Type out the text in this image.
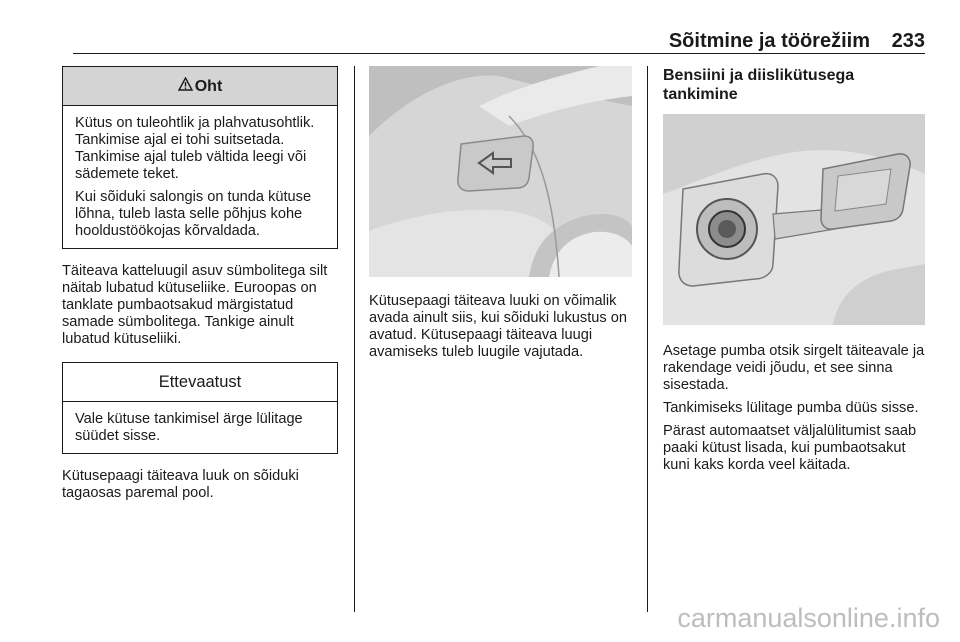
Sõitmine ja töörežiim 233
Oht

Kütus on tuleohtlik ja plahvatusohtlik. Tankimise ajal ei tohi suitsetada. Tankimise ajal tuleb vältida leegi või sädemete teket.

Kui sõiduki salongis on tunda kütuse lõhna, tuleb lasta selle põhjus kohe hooldustöökojas kõrvaldada.

Täiteava katteluugil asuv sümbolitega silt näitab lubatud kütuseliike. Euroopas on tanklate pumbaotsakud märgistatud samade sümbolitega. Tankige ainult lubatud kütuseliiki.

Ettevaatust

Vale kütuse tankimisel ärge lülitage süüdet sisse.

Kütusepaagi täiteava luuk on sõiduki tagaosas paremal pool.

Kütusepaagi täiteava luuki on võimalik avada ainult siis, kui sõiduki lukustus on avatud. Kütusepaagi täiteava luugi avamiseks tuleb luugile vajutada.

Bensiini ja diislikütusega tankimine

Asetage pumba otsik sirgelt täiteavale ja rakendage veidi jõudu, et see sinna sisestada.

Tankimiseks lülitage pumba düüs sisse.

Pärast automaatset väljalülitumist saab paaki kütust lisada, kui pumbaotsakut kuni kaks korda veel käitada.

carmanualsonline.info
